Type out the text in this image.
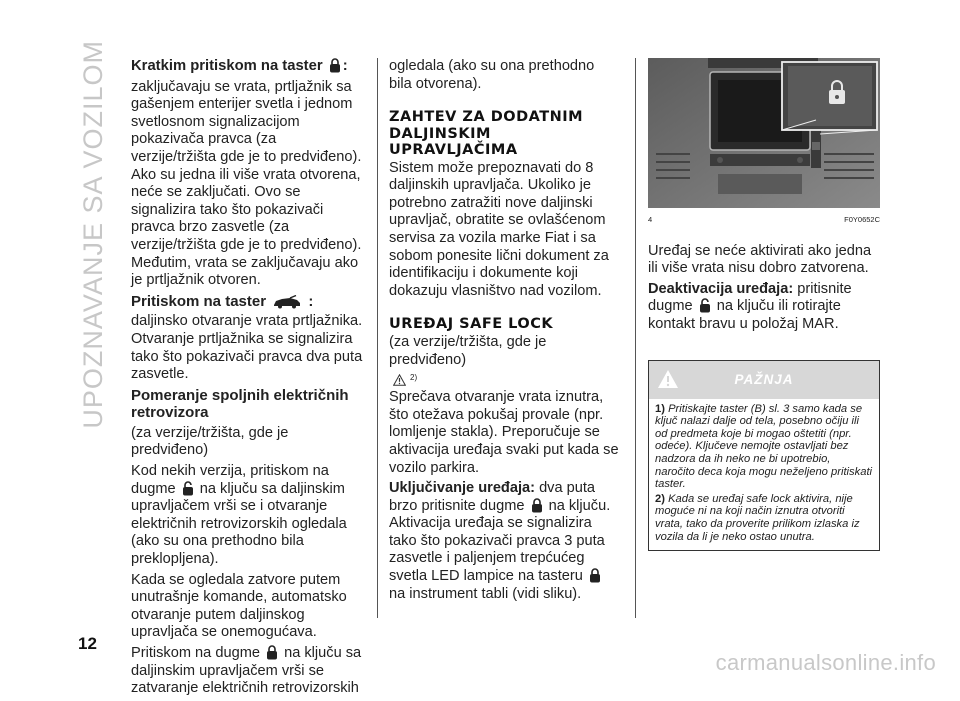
UPOZNAVANJE SA VOZILOM
12

Kratkim pritiskom na taster :

zaključavaju se vrata, prtljažnik sa gašenjem enterijer svetla i jednom svetlosnom signalizacijom pokazivača pravca (za verzije/tržišta gde je to predviđeno). Ako su jedna ili više vrata otvorena, neće se zaključati. Ovo se signalizira tako što pokazivači pravca brzo zasvetle (za verzije/tržišta gde je to predviđeno). Međutim, vrata se zaključavaju ako je prtljažnik otvoren.

Pritiskom na taster	:

daljinsko otvaranje vrata prtljažnika. Otvaranje prtljažnika se signalizira tako što pokazivači pravca dva puta zasvetle.

Pomeranje spoljnih električnih retrovizora

(za verzije/tržišta, gde je predviđeno)

Kod nekih verzija, pritiskom na dugme na ključu sa daljinskim upravljačem vrši se i otvaranje električnih retrovizorskih ogledala (ako su ona prethodno bila preklopljena).

Kada se ogledala zatvore putem unutrašnje komande, automatsko otvaranje putem daljinskog upravljača se onemogućava.

Pritiskom na dugme na ključu sa daljinskim upravljačem vrši se zatvaranje električnih retrovizorskih

ogledala (ako su ona prethodno bila otvorena).

ZAHTEV ZA DODATNIM DALJINSKIM UPRAVLJAČIMA

Sistem može prepoznavati do 8 daljinskih upravljača. Ukoliko je potrebno zatražiti nove daljinski upravljač, obratite se ovlašćenom servisa za vozila marke Fiat i sa sobom ponesite lični dokument za identifikaciju i dokumente koji dokazuju vlasništvo nad vozilom.

UREĐAJ SAFE LOCK

(za verzije/tržišta, gde je predviđeno)

2)

Sprečava otvaranje vrata iznutra, što otežava pokušaj provale (npr. lomljenje stakla). Preporučuje se aktivacija uređaja svaki put kada se vozilo parkira.

Uključivanje uređaja: dva puta brzo pritisnite dugme na ključu. Aktivacija uređaja se signalizira tako što pokazivači pravca 3 puta zasvetle i paljenjem trepćućeg svetla LED lampice na tasteru  na instrument tabli (vidi sliku).

4	F0Y0652C

Uređaj se neće aktivirati ako jedna ili više vrata nisu dobro zatvorena.

Deaktivacija uređaja: pritisnite dugme na ključu ili rotirajte kontakt bravu u položaj MAR.

PAŽNJA

1) Pritiskajte taster (B) sl. 3 samo kada se ključ nalazi dalje od tela, posebno očiju ili od predmeta koje bi mogao oštetiti (npr. odeće). Ključeve nemojte ostavljati bez nadzora da ih neko ne bi upotrebio, naročito deca koja mogu neželjeno pritiskati taster.

2) Kada se uređaj safe lock aktivira, nije moguće ni na koji način iznutra otvoriti vrata, tako da proverite prilikom izlaska iz vozila da li je neko ostao unutra.

carmanualsonline.info
